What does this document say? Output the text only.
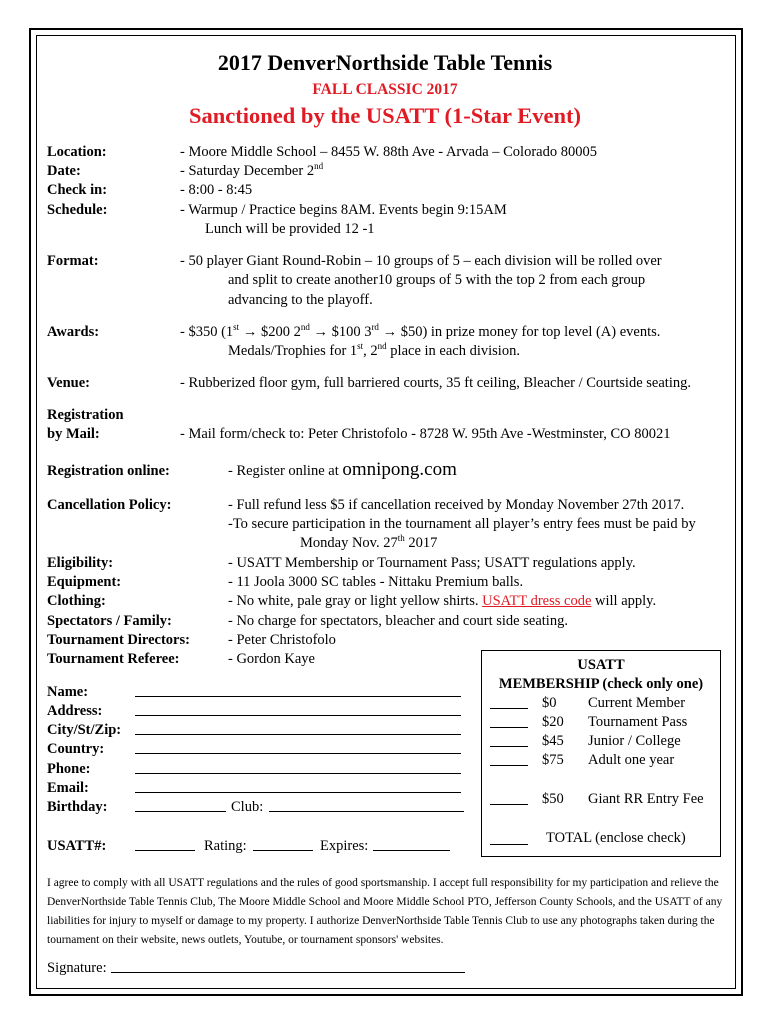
2017 DenverNorthside Table Tennis
FALL CLASSIC 2017
Sanctioned by the USATT (1-Star Event)
Location:	- Moore Middle School – 8455 W. 88th Ave - Arvada – Colorado 80005
Date:	- Saturday December 2nd
Check in:	- 8:00 - 8:45
Schedule:	- Warmup / Practice begins 8AM. Events begin 9:15AM
Lunch will be provided 12 -1
Format:	- 50 player Giant Round-Robin – 10 groups of 5 – each division will be rolled over
and split to create another10 groups of 5 with the top 2 from each group
advancing to the playoff.
Awards:	- $350 (1st → $200 2nd → $100 3rd → $50) in prize money for top level (A) events.
Medals/Trophies for 1st, 2nd place in each division.
Venue:	- Rubberized floor gym, full barriered courts, 35 ft ceiling, Bleacher / Courtside seating.
Registration
by Mail:	- Mail form/check to: Peter Christofolo - 8728 W. 95th Ave -Westminster, CO 80021
Registration online:	- Register online at omnipong.com
Cancellation Policy:	- Full refund less $5 if cancellation received by Monday November 27th 2017.
-To secure participation in the tournament all player’s entry fees must be paid by
Monday Nov. 27th 2017
Eligibility:	- USATT Membership or Tournament Pass; USATT regulations apply.
Equipment:	- 11 Joola 3000 SC tables - Nittaku Premium balls.
Clothing:	- No white, pale gray or light yellow shirts. USATT dress code will apply.
Spectators / Family:	- No charge for spectators, bleacher and court side seating.
Tournament Directors:	- Peter Christofolo
Tournament Referee:	- Gordon Kaye
Name:
Address:
City/St/Zip:
Country:
Phone:
Email:
Birthday:	Club:
USATT#:	Rating:	Expires:
USATT
MEMBERSHIP (check only one)
$0 Current Member
$20 Tournament Pass
$45 Junior / College
$75 Adult one year
$50 Giant RR Entry Fee
TOTAL (enclose check)
I agree to comply with all USATT regulations and the rules of good sportsmanship. I accept full responsibility for my participation and relieve the DenverNorthside Table Tennis Club, The Moore Middle School and Moore Middle School PTO, Jefferson County Schools, and the USATT of any liabilities for injury to myself or damage to my property. I authorize DenverNorthside Table Tennis Club to use any photographs taken during the tournament on their website, news outlets, Youtube, or tournament sponsors' websites.
Signature:
